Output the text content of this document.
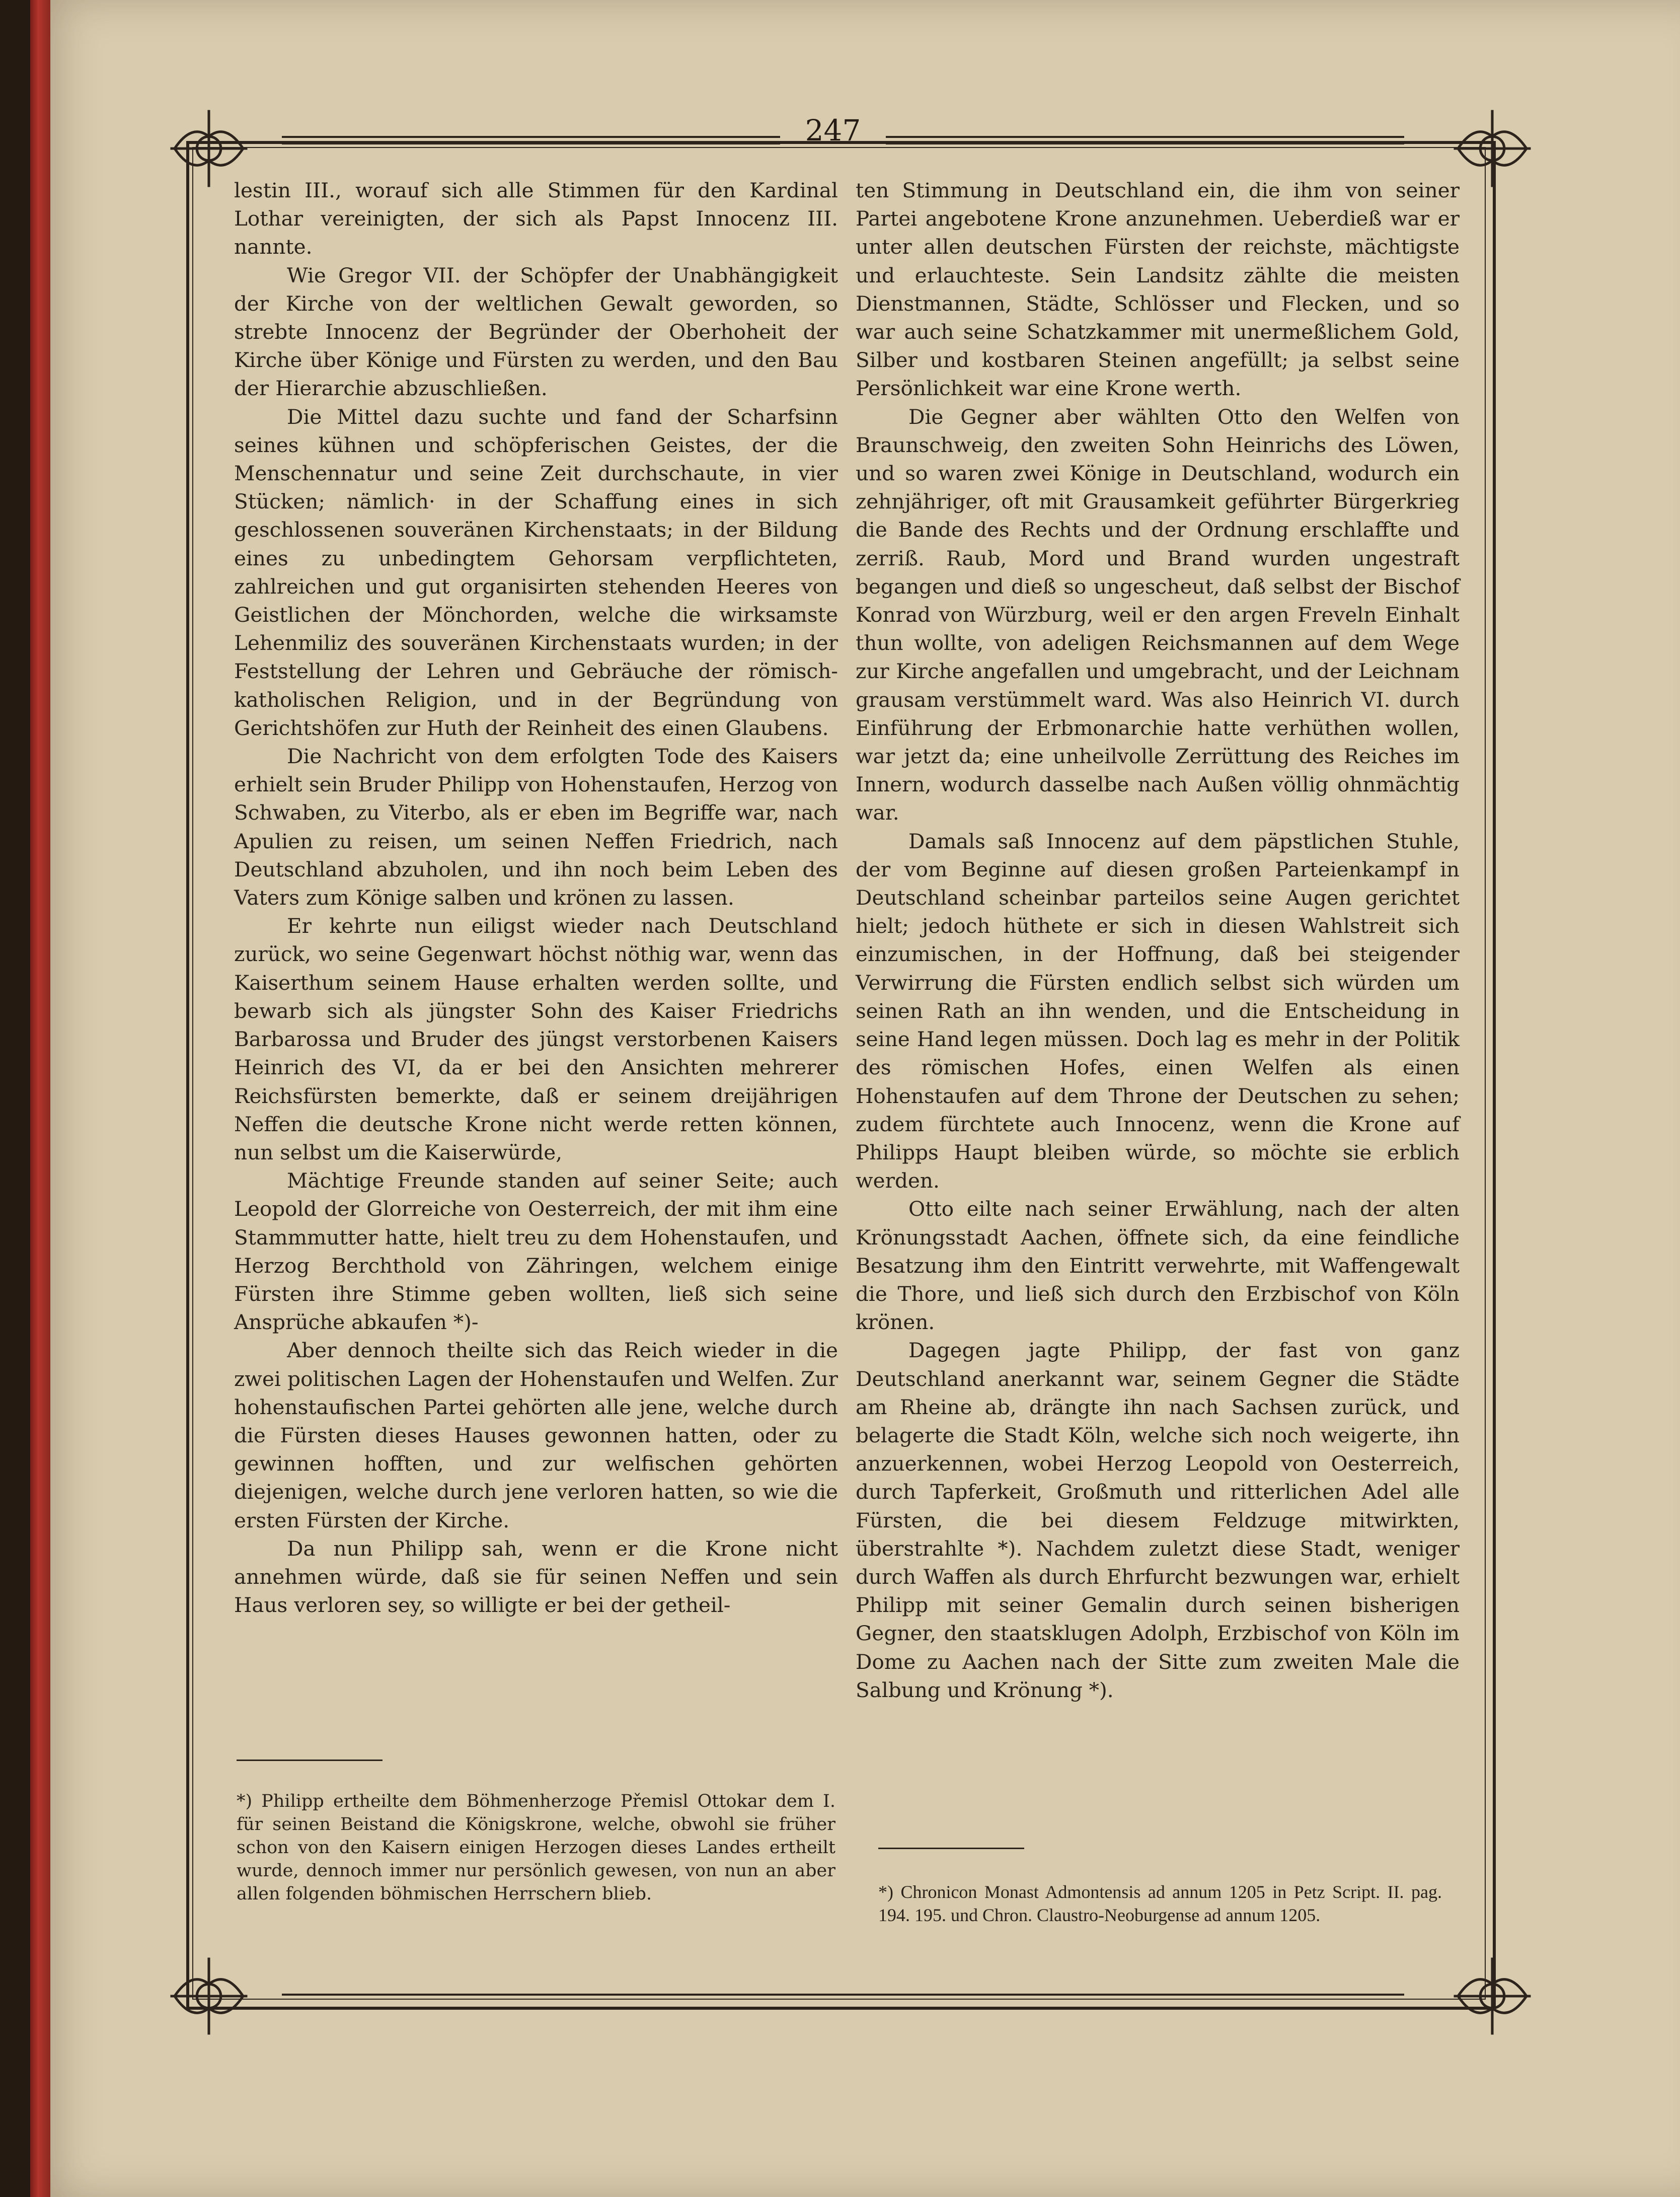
247

lestin III., worauf sich alle Stimmen für den Kardinal Lothar vereinigten, der sich als Papst Innocenz III. nannte.

Wie Gregor VII. der Schöpfer der Unabhängigkeit der Kirche von der weltlichen Gewalt geworden, so strebte Innocenz der Begründer der Oberhoheit der Kirche über Könige und Fürsten zu werden, und den Bau der Hierarchie abzuschließen.

Die Mittel dazu suchte und fand der Scharfsinn seines kühnen und schöpferischen Geistes, der die Menschennatur und seine Zeit durchschaute, in vier Stücken; nämlich· in der Schaffung eines in sich geschlossenen souveränen Kirchenstaats; in der Bildung eines zu unbedingtem Gehorsam verpflichteten, zahlreichen und gut organisirten stehenden Heeres von Geistlichen der Mönchorden, welche die wirksamste Lehenmiliz des souveränen Kirchenstaats wurden; in der Feststellung der Lehren und Gebräuche der römisch-katholischen Religion, und in der Begründung von Gerichtshöfen zur Huth der Reinheit des einen Glaubens.

Die Nachricht von dem erfolgten Tode des Kaisers erhielt sein Bruder Philipp von Hohenstaufen, Herzog von Schwaben, zu Viterbo, als er eben im Begriffe war, nach Apulien zu reisen, um seinen Neffen Friedrich, nach Deutschland abzuholen, und ihn noch beim Leben des Vaters zum Könige salben und krönen zu lassen.

Er kehrte nun eiligst wieder nach Deutschland zurück, wo seine Gegenwart höchst nöthig war, wenn das Kaiserthum seinem Hause erhalten werden sollte, und bewarb sich als jüngster Sohn des Kaiser Friedrichs Barbarossa und Bruder des jüngst verstorbenen Kaisers Heinrich des VI, da er bei den Ansichten mehrerer Reichsfürsten bemerkte, daß er seinem dreijährigen Neffen die deutsche Krone nicht werde retten können, nun selbst um die Kaiserwürde,

Mächtige Freunde standen auf seiner Seite; auch Leopold der Glorreiche von Oesterreich, der mit ihm eine Stammmutter hatte, hielt treu zu dem Hohenstaufen, und Herzog Berchthold von Zähringen, welchem einige Fürsten ihre Stimme geben wollten, ließ sich seine Ansprüche abkaufen *)-

Aber dennoch theilte sich das Reich wieder in die zwei politischen Lagen der Hohenstaufen und Welfen. Zur hohenstaufischen Partei gehörten alle jene, welche durch die Fürsten dieses Hauses gewonnen hatten, oder zu gewinnen hofften, und zur welfischen gehörten diejenigen, welche durch jene verloren hatten, so wie die ersten Fürsten der Kirche.

Da nun Philipp sah, wenn er die Krone nicht annehmen würde, daß sie für seinen Neffen und sein Haus verloren sey, so willigte er bei der getheil-

*) Philipp ertheilte dem Böhmenherzoge Přemisl Ottokar dem I. für seinen Beistand die Königskrone, welche, obwohl sie früher schon von den Kaisern einigen Herzogen dieses Landes ertheilt wurde, dennoch immer nur persönlich gewesen, von nun an aber allen folgenden böhmischen Herrschern blieb.

ten Stimmung in Deutschland ein, die ihm von seiner Partei angebotene Krone anzunehmen. Ueberdieß war er unter allen deutschen Fürsten der reichste, mächtigste und erlauchteste. Sein Landsitz zählte die meisten Dienstmannen, Städte, Schlösser und Flecken, und so war auch seine Schatzkammer mit unermeßlichem Gold, Silber und kostbaren Steinen angefüllt; ja selbst seine Persönlichkeit war eine Krone werth.

Die Gegner aber wählten Otto den Welfen von Braunschweig, den zweiten Sohn Heinrichs des Löwen, und so waren zwei Könige in Deutschland, wodurch ein zehnjähriger, oft mit Grausamkeit geführter Bürgerkrieg die Bande des Rechts und der Ordnung erschlaffte und zerriß. Raub, Mord und Brand wurden ungestraft begangen und dieß so ungescheut, daß selbst der Bischof Konrad von Würzburg, weil er den argen Freveln Einhalt thun wollte, von adeligen Reichsmannen auf dem Wege zur Kirche angefallen und umgebracht, und der Leichnam grausam verstümmelt ward. Was also Heinrich VI. durch Einführung der Erbmonarchie hatte verhüthen wollen, war jetzt da; eine unheilvolle Zerrüttung des Reiches im Innern, wodurch dasselbe nach Außen völlig ohnmächtig war.

Damals saß Innocenz auf dem päpstlichen Stuhle, der vom Beginne auf diesen großen Parteienkampf in Deutschland scheinbar parteilos seine Augen gerichtet hielt; jedoch hüthete er sich in diesen Wahlstreit sich einzumischen, in der Hoffnung, daß bei steigender Verwirrung die Fürsten endlich selbst sich würden um seinen Rath an ihn wenden, und die Entscheidung in seine Hand legen müssen. Doch lag es mehr in der Politik des römischen Hofes, einen Welfen als einen Hohenstaufen auf dem Throne der Deutschen zu sehen; zudem fürchtete auch Innocenz, wenn die Krone auf Philipps Haupt bleiben würde, so möchte sie erblich werden.

Otto eilte nach seiner Erwählung, nach der alten Krönungsstadt Aachen, öffnete sich, da eine feindliche Besatzung ihm den Eintritt verwehrte, mit Waffengewalt die Thore, und ließ sich durch den Erzbischof von Köln krönen.

Dagegen jagte Philipp, der fast von ganz Deutschland anerkannt war, seinem Gegner die Städte am Rheine ab, drängte ihn nach Sachsen zurück, und belagerte die Stadt Köln, welche sich noch weigerte, ihn anzuerkennen, wobei Herzog Leopold von Oesterreich, durch Tapferkeit, Großmuth und ritterlichen Adel alle Fürsten, die bei diesem Feldzuge mitwirkten, überstrahlte *). Nachdem zuletzt diese Stadt, weniger durch Waffen als durch Ehrfurcht bezwungen war, erhielt Philipp mit seiner Gemalin durch seinen bisherigen Gegner, den staatsklugen Adolph, Erzbischof von Köln im Dome zu Aachen nach der Sitte zum zweiten Male die Salbung und Krönung *).

*) Chronicon Monast Admontensis ad annum 1205 in Petz Script. II. pag. 194. 195. und Chron. Claustro-Neoburgense ad annum 1205.
